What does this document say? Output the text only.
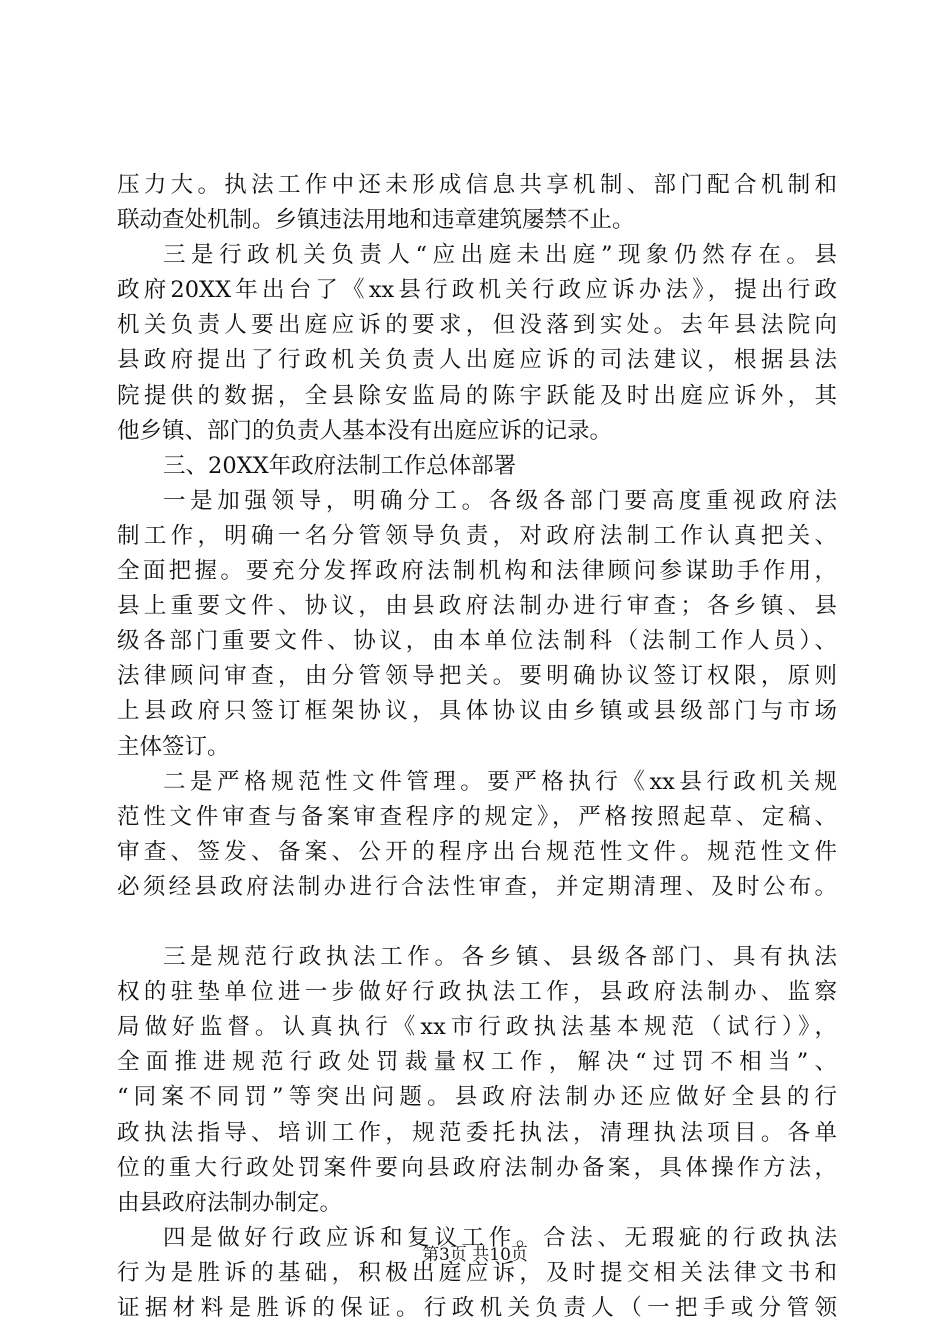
压力大。执法工作中还未形成信息共享机制、部门配合机制和
联动查处机制。乡镇违法用地和违章建筑屡禁不止。
三是行政机关负责人“应出庭未出庭”现象仍然存在。县
政府20XX年出台了《xx县行政机关行政应诉办法》，提出行政
机关负责人要出庭应诉的要求，但没落到实处。去年县法院向
县政府提出了行政机关负责人出庭应诉的司法建议，根据县法
院提供的数据，全县除安监局的陈宇跃能及时出庭应诉外，其
他乡镇、部门的负责人基本没有出庭应诉的记录。
三、20XX年政府法制工作总体部署
一是加强领导，明确分工。各级各部门要高度重视政府法
制工作，明确一名分管领导负责，对政府法制工作认真把关、
全面把握。要充分发挥政府法制机构和法律顾问参谋助手作用，
县上重要文件、协议，由县政府法制办进行审查；各乡镇、县
级各部门重要文件、协议，由本单位法制科（法制工作人员）、
法律顾问审查，由分管领导把关。要明确协议签订权限，原则
上县政府只签订框架协议，具体协议由乡镇或县级部门与市场
主体签订。
二是严格规范性文件管理。要严格执行《xx县行政机关规
范性文件审查与备案审查程序的规定》，严格按照起草、定稿、
审查、签发、备案、公开的程序出台规范性文件。规范性文件
必须经县政府法制办进行合法性审查，并定期清理、及时公布。
三是规范行政执法工作。各乡镇、县级各部门、具有执法
权的驻垫单位进一步做好行政执法工作，县政府法制办、监察
局做好监督。认真执行《xx市行政执法基本规范（试行）》，
全面推进规范行政处罚裁量权工作，解决“过罚不相当”、
“同案不同罚”等突出问题。县政府法制办还应做好全县的行
政执法指导、培训工作，规范委托执法，清理执法项目。各单
位的重大行政处罚案件要向县政府法制办备案，具体操作方法，
由县政府法制办制定。
四是做好行政应诉和复议工作。合法、无瑕疵的行政执法
行为是胜诉的基础，积极出庭应诉，及时提交相关法律文书和
证据材料是胜诉的保证。行政机关负责人（一把手或分管领
第3页 共10页
